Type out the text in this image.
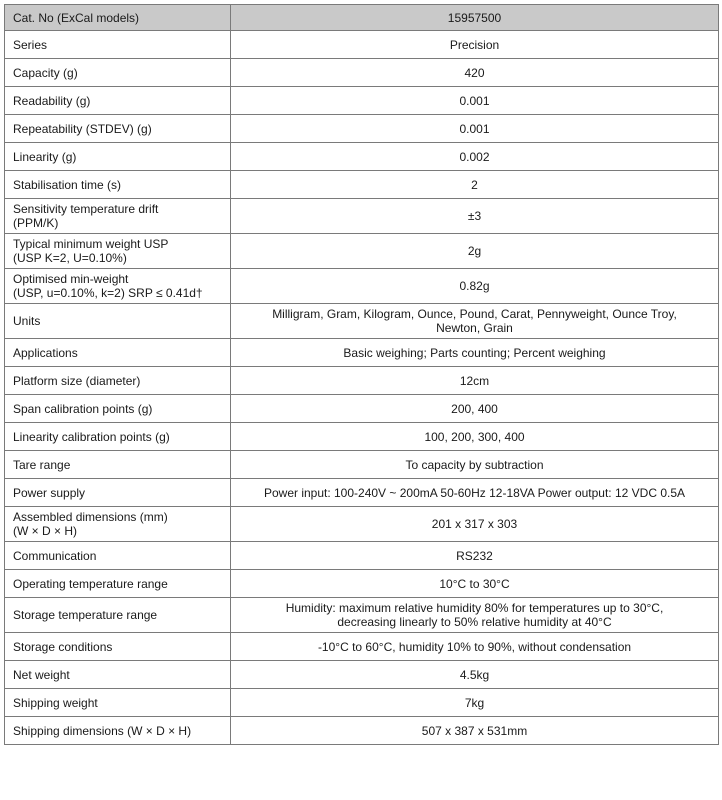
Cat. No (ExCal models)	15957500
Series	Precision
Capacity (g)	420
Readability (g)	0.001
Repeatability (STDEV) (g)	0.001
Linearity (g)	0.002
Stabilisation time (s)	2
Sensitivity temperature drift
(PPM/K)	±3
Typical minimum weight USP
(USP K=2, U=0.10%)	2g
Optimised min-weight
(USP, u=0.10%, k=2) SRP ≤ 0.41d†	0.82g
Units	Milligram, Gram, Kilogram, Ounce, Pound, Carat, Pennyweight, Ounce Troy,
Newton, Grain
Applications	Basic weighing; Parts counting; Percent weighing
Platform size (diameter)	12cm
Span calibration points (g)	200, 400
Linearity calibration points (g)	100, 200, 300, 400
Tare range	To capacity by subtraction
Power supply	Power input: 100-240V ~ 200mA 50-60Hz 12-18VA Power output: 12 VDC 0.5A
Assembled dimensions (mm)
(W × D × H)	201 x 317 x 303
Communication	RS232
Operating temperature range	10°C to 30°C
Storage temperature range	Humidity: maximum relative humidity 80% for temperatures up to 30°C,
decreasing linearly to 50% relative humidity at 40°C
Storage conditions	-10°C to 60°C, humidity 10% to 90%, without condensation
Net weight	4.5kg
Shipping weight	7kg
Shipping dimensions (W × D × H)	507 x 387 x 531mm
